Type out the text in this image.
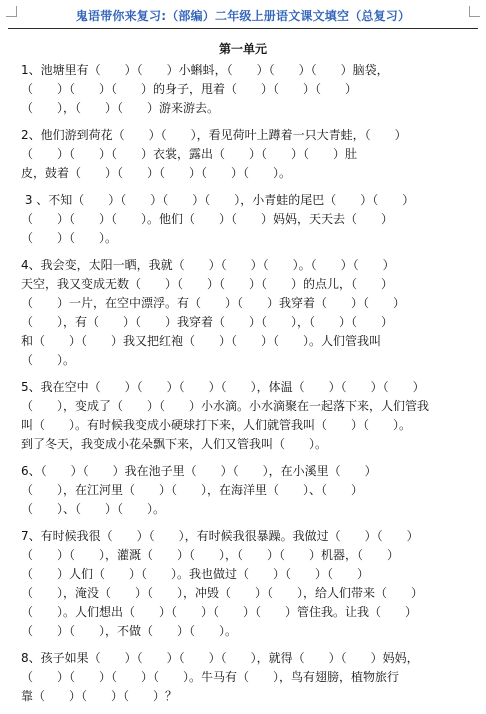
鬼语带你来复习:（部编）二年级上册语文课文填空（总复习）
第一单元
1、池塘里有（　　）（　　）小蝌蚪，（　　）（　　）（　　）脑袋，
（　　）（　　）（　　）的身子，甩着（　　）（　　）（　　）
（　　），（　　）（　　）游来游去。
2、他们游到荷花（　　）（　　），看见荷叶上蹲着一只大青蛙，（　　）
（　　）（　　）（　　）衣裳，露出（　　）（　　）（　　）肚
皮，鼓着（　　）（　　）（　　）（　　）（　　）。
3 、不知（　　）（　　）（　　）（　　），小青蛙的尾巴（　　）（　　）
（　　）（　　）（　　）。他们（　　）（　　）妈妈，天天去（　　）
（　　）（　　）。
4、我会变，太阳一晒，我就（　　）（　　）（　　）。（　　）（　　）
天空，我又变成无数（　　）（　　）（　　）（　　）的点儿，（　　）
（　　）一片，在空中漂浮。有（　　）（　　）我穿着（　　）（　　）
（　　），有（　　）（　　）我穿着（　　）（　　），（　　）（　　）
和（　　）（　　）我又把红袍（　　）（　　）（　　）。人们管我叫
（　　）。
5、我在空中（　　）（　　）（　　）（　　），体温（　　）（　　）（　　）
（　　），变成了（　　）（　　）小水滴。小水滴聚在一起落下来，人们管我
叫（　　）。有时候我变成小硬球打下来，人们就管我叫（　　）（　　）。
到了冬天，我变成小花朵飘下来，人们又管我叫（　　）。
6、（　　）（　　）我在池子里（　　）（　　），在小溪里（　　）
（　　），在江河里（　　）（　　），在海洋里（　　）、（　　）
（　　）、（　　）（　　）。
7、有时候我很（　　）（　　），有时候我很暴躁。我做过（　　）（　　）
（　　）（　　），灌溉（　　）（　　），（　　）（　　）机器，（　　）
（　　）人们（　　）（　　）。我也做过（　　）（　　）（　　）
（　　），淹没（　　）（　　），冲毁（　　）（　　），给人们带来（　　）
（　　）。人们想出（　　）（　　）（　　）（　　）管住我。让我（　　）
（　　）（　　），不做（　　）（　　）。
8、孩子如果（　　）（　　）（　　）（　　），就得（　　）（　　）妈妈，
（　　）（　　）（　　）（　　）。牛马有（　　），鸟有翅膀，植物旅行
靠（　　）（　　）（　　）？
